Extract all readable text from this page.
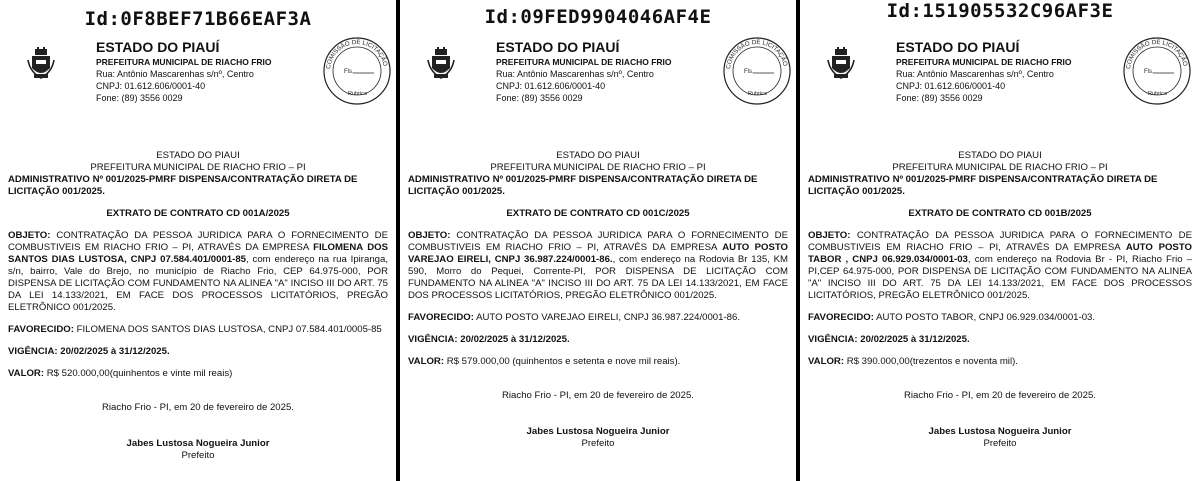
Id:0F8BEF71B66EAF3A
ESTADO DO PIAUÍ
PREFEITURA MUNICIPAL DE RIACHO FRIO
Rua: Antônio Mascarenhas s/nº, Centro
CNPJ: 01.612.606/0001-40
Fone: (89) 3556 0029
COMISSÃO DE LICITAÇÃO
Fls.
Rubrica
ESTADO DO PIAUI
PREFEITURA MUNICIPAL DE RIACHO FRIO – PI
ADMINISTRATIVO Nº 001/2025-PMRF DISPENSA/CONTRATAÇÃO DIRETA DE LICITAÇÃO 001/2025.
EXTRATO DE CONTRATO CD 001A/2025
OBJETO: CONTRATAÇÃO DA PESSOA JURIDICA PARA O FORNECIMENTO DE COMBUSTIVEIS EM RIACHO FRIO – PI, ATRAVÉS DA EMPRESA FILOMENA DOS SANTOS DIAS LUSTOSA, CNPJ 07.584.401/0001-85, com endereço na rua Ipiranga, s/n, bairro, Vale do Brejo, no município de Riacho Frio, CEP 64.975-000, POR DISPENSA DE LICITAÇÃO COM FUNDAMENTO NA ALINEA "A" INCISO III DO ART. 75 DA LEI 14.133/2021, EM FACE DOS PROCESSOS LICITATÓRIOS, PREGÃO ELETRÔNICO 001/2025.
FAVORECIDO: FILOMENA DOS SANTOS DIAS LUSTOSA, CNPJ 07.584.401/0005-85
VIGÊNCIA: 20/02/2025 à 31/12/2025.
VALOR: R$ 520.000,00(quinhentos e vinte mil reais)
Riacho Frio - PI, em 20 de fevereiro de 2025.
Jabes Lustosa Nogueira Junior
Prefeito
Id:09FED9904046AF4E
ESTADO DO PIAUÍ
PREFEITURA MUNICIPAL DE RIACHO FRIO
Rua: Antônio Mascarenhas s/nº, Centro
CNPJ: 01.612.606/0001-40
Fone: (89) 3556 0029
COMISSÃO DE LICITAÇÃO
Fls.
Rubrica
ESTADO DO PIAUI
PREFEITURA MUNICIPAL DE RIACHO FRIO – PI
ADMINISTRATIVO Nº 001/2025-PMRF DISPENSA/CONTRATAÇÃO DIRETA DE LICITAÇÃO 001/2025.
EXTRATO DE CONTRATO CD 001C/2025
OBJETO: CONTRATAÇÃO DA PESSOA JURIDICA PARA O FORNECIMENTO DE COMBUSTIVEIS EM RIACHO FRIO – PI, ATRAVÉS DA EMPRESA AUTO POSTO VAREJAO EIRELI, CNPJ 36.987.224/0001-86., com endereço na Rodovia Br 135, KM 590, Morro do Pequei, Corrente-PI, POR DISPENSA DE LICITAÇÃO COM FUNDAMENTO NA ALINEA "A" INCISO III DO ART. 75 DA LEI 14.133/2021, EM FACE DOS PROCESSOS LICITATÓRIOS, PREGÃO ELETRÔNICO 001/2025.
FAVORECIDO: AUTO POSTO VAREJAO EIRELI, CNPJ 36.987.224/0001-86.
VIGÊNCIA: 20/02/2025 à 31/12/2025.
VALOR: R$ 579.000,00 (quinhentos e setenta e nove mil reais).
Riacho Frio - PI, em 20 de fevereiro de 2025.
Jabes Lustosa Nogueira Junior
Prefeito
Id:151905532C96AF3E
ESTADO DO PIAUÍ
PREFEITURA MUNICIPAL DE RIACHO FRIO
Rua: Antônio Mascarenhas s/nº, Centro
CNPJ: 01.612.606/0001-40
Fone: (89) 3556 0029
COMISSÃO DE LICITAÇÃO
Fls.
Rubrica
ESTADO DO PIAUI
PREFEITURA MUNICIPAL DE RIACHO FRIO – PI
ADMINISTRATIVO Nº 001/2025-PMRF DISPENSA/CONTRATAÇÃO DIRETA DE LICITAÇÃO 001/2025.
EXTRATO DE CONTRATO CD 001B/2025
OBJETO: CONTRATAÇÃO DA PESSOA JURIDICA PARA O FORNECIMENTO DE COMBUSTIVEIS EM RIACHO FRIO – PI, ATRAVÉS DA EMPRESA AUTO POSTO TABOR , CNPJ 06.929.034/0001-03, com endereço na Rodovia Br - PI, Riacho Frio – PI,CEP 64.975-000, POR DISPENSA DE LICITAÇÃO COM FUNDAMENTO NA ALINEA "A" INCISO III DO ART. 75 DA LEI 14.133/2021, EM FACE DOS PROCESSOS LICITATÓRIOS, PREGÃO ELETRÔNICO 001/2025.
FAVORECIDO: AUTO POSTO TABOR, CNPJ 06.929.034/0001-03.
VIGÊNCIA: 20/02/2025 à 31/12/2025.
VALOR: R$ 390.000,00(trezentos e noventa mil).
Riacho Frio - PI, em 20 de fevereiro de 2025.
Jabes Lustosa Nogueira Junior
Prefeito
